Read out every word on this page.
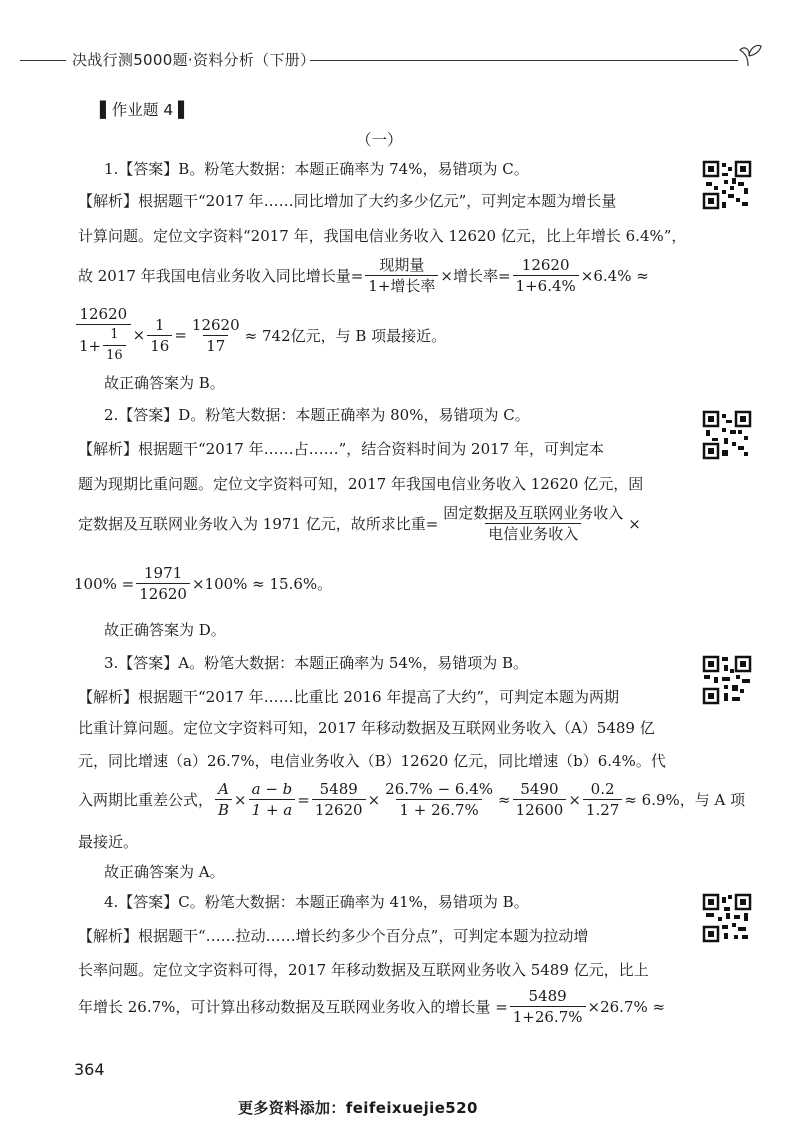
决战行测5000题·资料分析（下册）
▌作业题 4 ▌
（一）
1.【答案】B。粉笔大数据：本题正确率为 74%，易错项为 C。
【解析】根据题干“2017 年……同比增加了大约多少亿元”，可判定本题为增长量
计算问题。定位文字资料“2017 年，我国电信业务收入 12620 亿元，比上年增长 6.4%”，
故 2017 年我国电信业务收入同比增长量= $\frac{\text{现期量}}{\text{1+增长率}}$ ×增长率= $\frac{12620}{1+6.4\%} \times 6.4\%$ ≈
$\frac{12620}{1+ \frac{1}{16}} \times \frac{1}{16} = \frac{12620}{17} \approx 742$亿元，与 B 项最接近。
故正确答案为 B。
2.【答案】D。粉笔大数据：本题正确率为 80%，易错项为 C。
【解析】根据题干“2017 年……占……”，结合资料时间为 2017 年，可判定本
题为现期比重问题。定位文字资料可知，2017 年我国电信业务收入 12620 亿元，固
定数据及互联网业务收入为 1971 亿元，故所求比重= $\frac{\text{固定数据及互联网业务收入}}{\text{电信业务收入}}$ ×
$100\% = \frac{1971}{12620} \times 100\% \approx 15.6\%$。
故正确答案为 D。
3.【答案】A。粉笔大数据：本题正确率为 54%，易错项为 B。
【解析】根据题干“2017 年……比重比 2016 年提高了大约”，可判定本题为两期
比重计算问题。定位文字资料可知，2017 年移动数据及互联网业务收入（A）5489 亿
元，同比增速（a）26.7%，电信业务收入（B）12620 亿元，同比增速（b）6.4%。代
入两期比重差公式， $\frac{A}{B} \times \frac{a - b}{1 + a} = \frac{5489}{12620} \times \frac{26.7\% - 6.4\%}{1 + 26.7\%} \approx \frac{5490}{12600} \times \frac{0.2}{1.27} \approx 6.9\%$，与 A 项
最接近。
故正确答案为 A。
4.【答案】C。粉笔大数据：本题正确率为 41%，易错项为 B。
【解析】根据题干“……拉动……增长约多少个百分点”，可判定本题为拉动增
长率问题。定位文字资料可得，2017 年移动数据及互联网业务收入 5489 亿元，比上
年增长 26.7%，可计算出移动数据及互联网业务收入的增长量 = $\frac{5489}{1+26.7\%} \times 26.7\%$ ≈
364
更多资料添加：feifeixuejie520
